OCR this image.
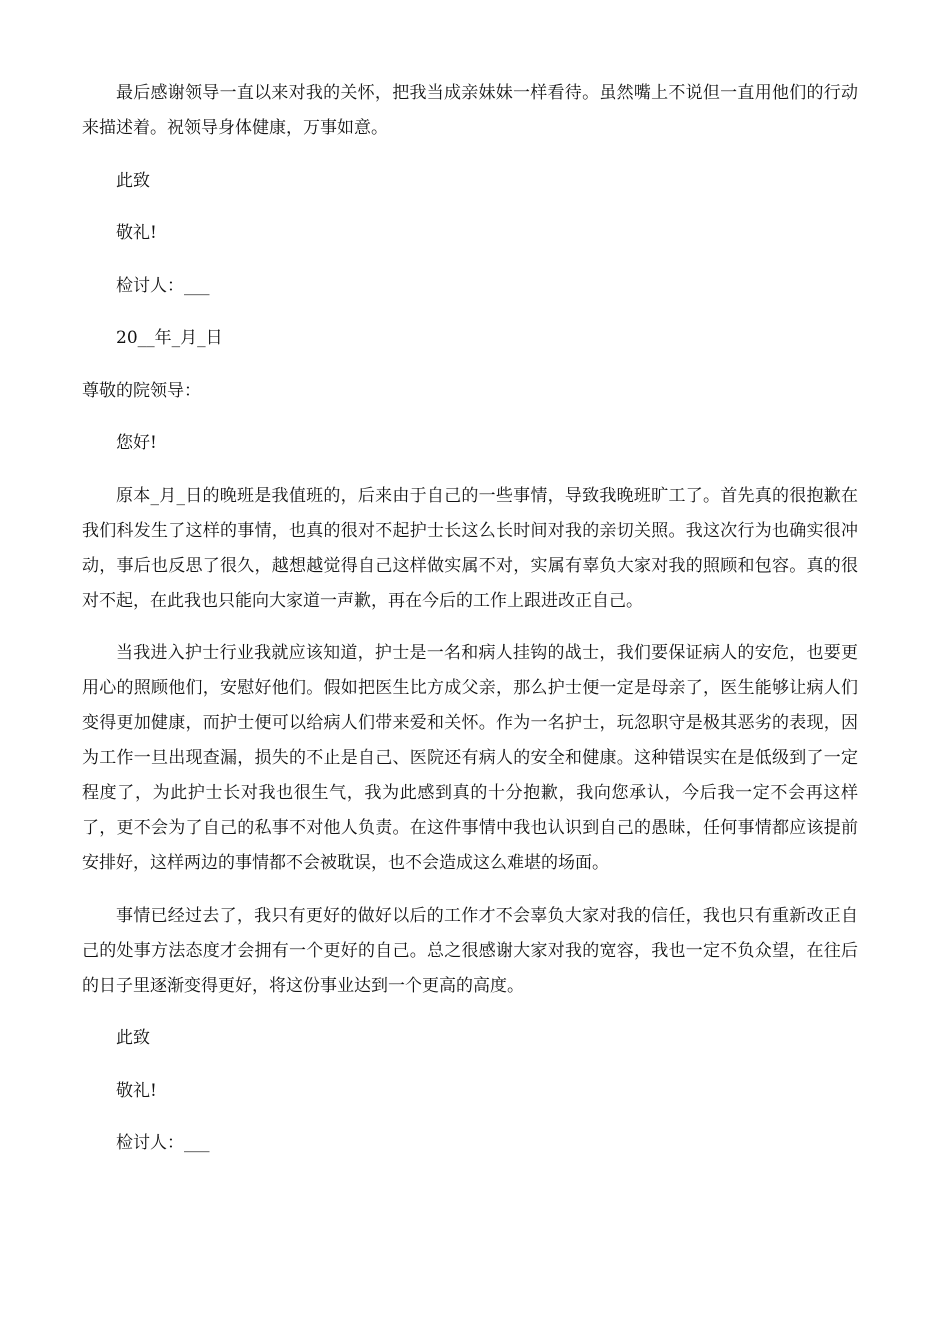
最后感谢领导一直以来对我的关怀，把我当成亲妹妹一样看待。虽然嘴上不说但一直用他们的行动来描述着。祝领导身体健康，万事如意。

此致

敬礼!

检讨人：___

20__年_月_日

尊敬的院领导：

您好!

原本_月_日的晚班是我值班的，后来由于自己的一些事情，导致我晚班旷工了。首先真的很抱歉在我们科发生了这样的事情，也真的很对不起护士长这么长时间对我的亲切关照。我这次行为也确实很冲动，事后也反思了很久，越想越觉得自己这样做实属不对，实属有辜负大家对我的照顾和包容。真的很对不起，在此我也只能向大家道一声歉，再在今后的工作上跟进改正自己。

当我进入护士行业我就应该知道，护士是一名和病人挂钩的战士，我们要保证病人的安危，也要更用心的照顾他们，安慰好他们。假如把医生比方成父亲，那么护士便一定是母亲了，医生能够让病人们变得更加健康，而护士便可以给病人们带来爱和关怀。作为一名护士，玩忽职守是极其恶劣的表现，因为工作一旦出现查漏，损失的不止是自己、医院还有病人的安全和健康。这种错误实在是低级到了一定程度了，为此护士长对我也很生气，我为此感到真的十分抱歉，我向您承认，今后我一定不会再这样了，更不会为了自己的私事不对他人负责。在这件事情中我也认识到自己的愚昧，任何事情都应该提前安排好，这样两边的事情都不会被耽误，也不会造成这么难堪的场面。

事情已经过去了，我只有更好的做好以后的工作才不会辜负大家对我的信任，我也只有重新改正自己的处事方法态度才会拥有一个更好的自己。总之很感谢大家对我的宽容，我也一定不负众望，在往后的日子里逐渐变得更好，将这份事业达到一个更高的高度。

此致

敬礼!

检讨人：___
